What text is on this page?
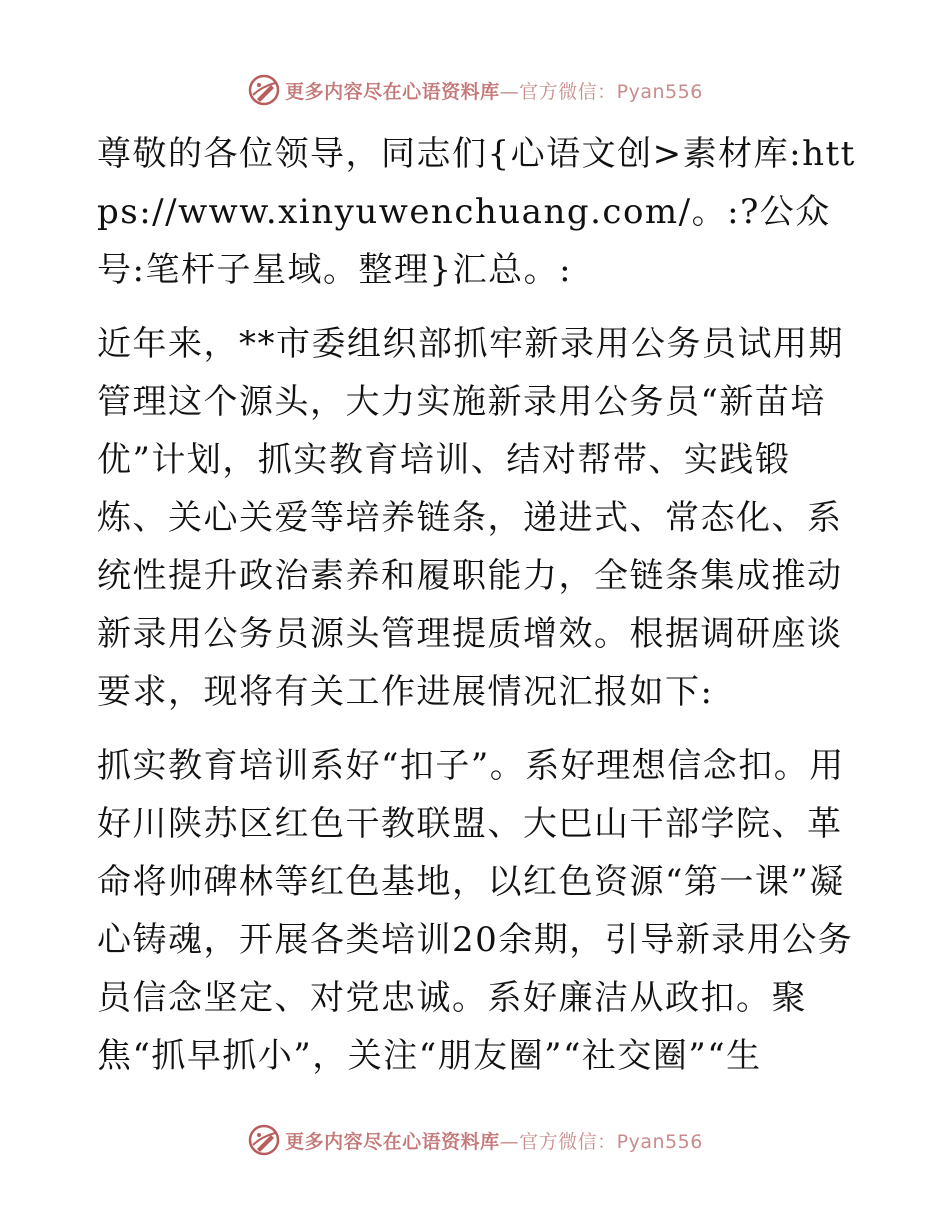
更多内容尽在心语资料库—官方微信：Pyan556

尊敬的各位领导，同志们{心语文创>素材库:https://www.xinyuwenchuang.com/。:?公众号:笔杆子星域。整理}汇总。:

近年来，**市委组织部抓牢新录用公务员试用期管理这个源头，大力实施新录用公务员“新苗培优”计划，抓实教育培训、结对帮带、实践锻炼、关心关爱等培养链条，递进式、常态化、系统性提升政治素养和履职能力，全链条集成推动新录用公务员源头管理提质增效。根据调研座谈要求，现将有关工作进展情况汇报如下:

抓实教育培训系好“扣子”。系好理想信念扣。用好川陕苏区红色干教联盟、大巴山干部学院、革命将帅碑林等红色基地，以红色资源“第一课”凝心铸魂，开展各类培训20余期，引导新录用公务员信念坚定、对党忠诚。系好廉洁从政扣。聚焦“抓早抓小”，关注“朋友圈”“社交圈”“生

更多内容尽在心语资料库—官方微信：Pyan556
